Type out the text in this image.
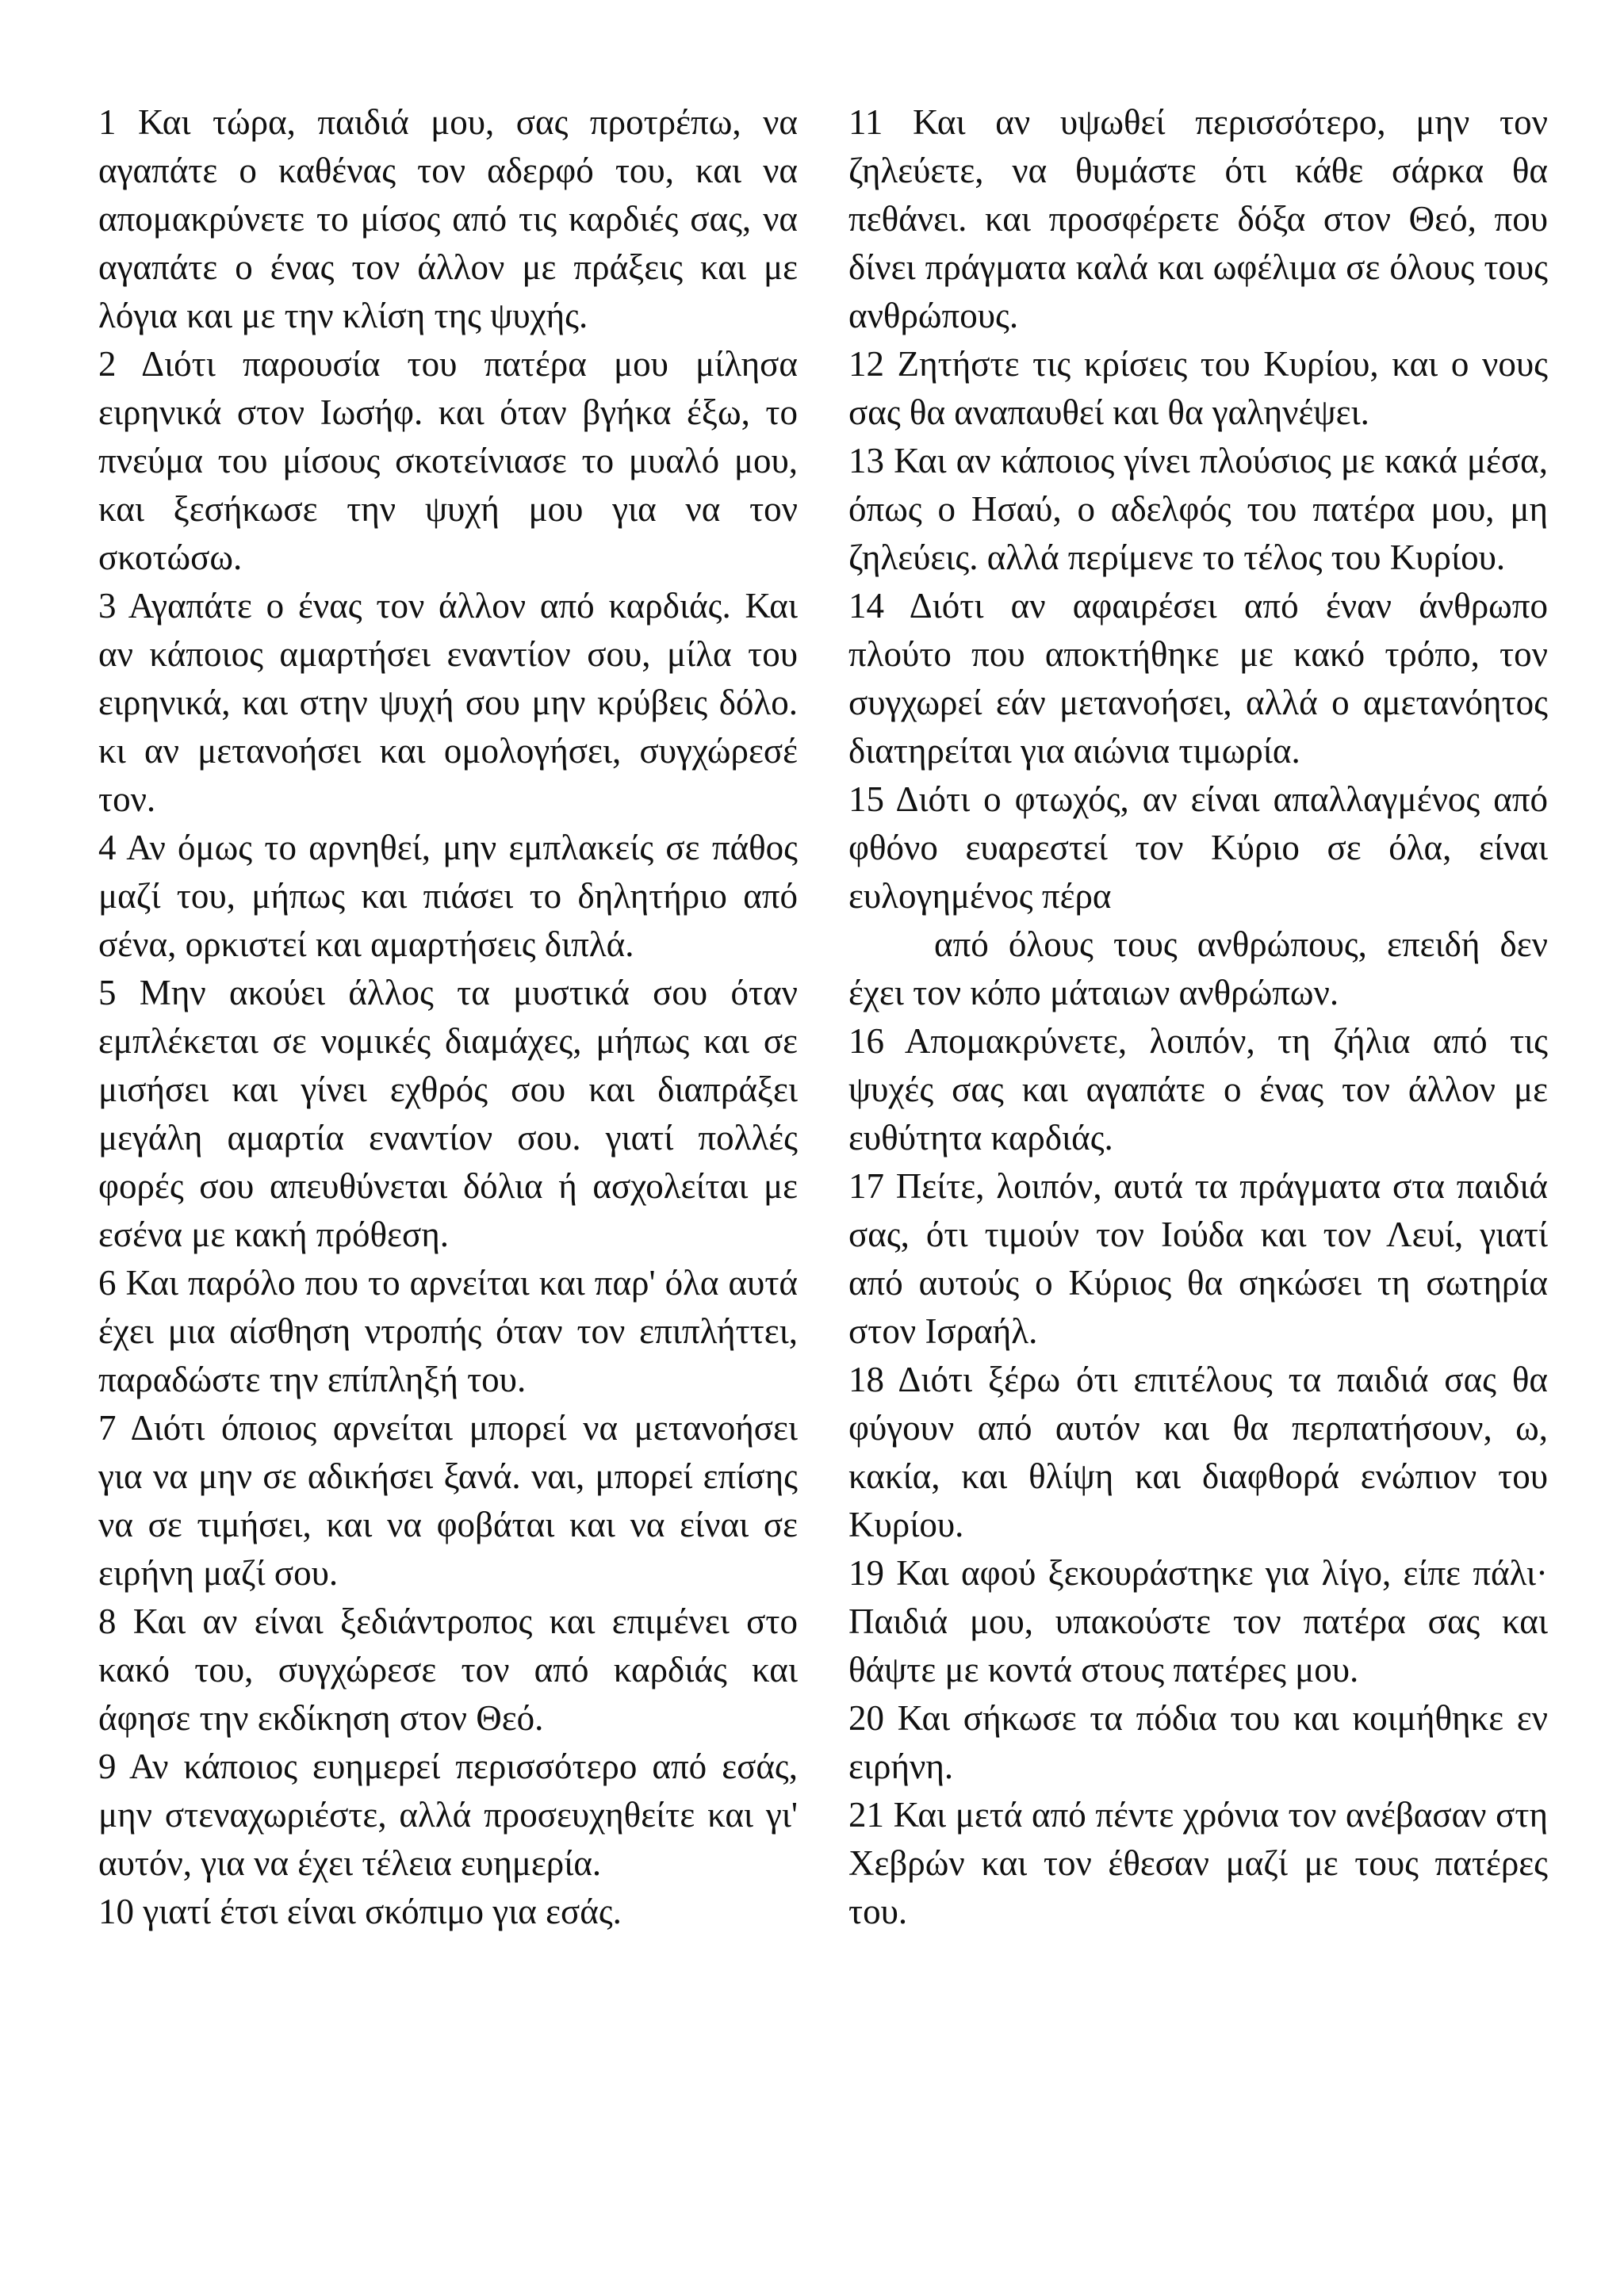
1 Και τώρα, παιδιά μου, σας προτρέπω, να αγαπάτε ο καθένας τον αδερφό του, και να απομακρύνετε το μίσος από τις καρδιές σας, να αγαπάτε ο ένας τον άλλον με πράξεις και με λόγια και με την κλίση της ψυχής.

2 Διότι παρουσία του πατέρα μου μίλησα ειρηνικά στον Ιωσήφ. και όταν βγήκα έξω, το πνεύμα του μίσους σκοτείνιασε το μυαλό μου, και ξεσήκωσε την ψυχή μου για να τον σκοτώσω.

3 Αγαπάτε ο ένας τον άλλον από καρδιάς. Και αν κάποιος αμαρτήσει εναντίον σου, μίλα του ειρηνικά, και στην ψυχή σου μην κρύβεις δόλο. κι αν μετανοήσει και ομολογήσει, συγχώρεσέ τον.

4 Αν όμως το αρνηθεί, μην εμπλακείς σε πάθος μαζί του, μήπως και πιάσει το δηλητήριο από σένα, ορκιστεί και αμαρτήσεις διπλά.

5 Μην ακούει άλλος τα μυστικά σου όταν εμπλέκεται σε νομικές διαμάχες, μήπως και σε μισήσει και γίνει εχθρός σου και διαπράξει μεγάλη αμαρτία εναντίον σου. γιατί πολλές φορές σου απευθύνεται δόλια ή ασχολείται με εσένα με κακή πρόθεση.

6 Και παρόλο που το αρνείται και παρ' όλα αυτά έχει μια αίσθηση ντροπής όταν τον επιπλήττει, παραδώστε την επίπληξή του.

7 Διότι όποιος αρνείται μπορεί να μετανοήσει για να μην σε αδικήσει ξανά. ναι, μπορεί επίσης να σε τιμήσει, και να φοβάται και να είναι σε ειρήνη μαζί σου.

8 Και αν είναι ξεδιάντροπος και επιμένει στο κακό του, συγχώρεσε τον από καρδιάς και άφησε την εκδίκηση στον Θεό.

9 Αν κάποιος ευημερεί περισσότερο από εσάς, μην στεναχωριέστε, αλλά προσευχηθείτε και γι' αυτόν, για να έχει τέλεια ευημερία.

10 γιατί έτσι είναι σκόπιμο για εσάς.

11 Και αν υψωθεί περισσότερο, μην τον ζηλεύετε, να θυμάστε ότι κάθε σάρκα θα πεθάνει. και προσφέρετε δόξα στον Θεό, που δίνει πράγματα καλά και ωφέλιμα σε όλους τους ανθρώπους.

12 Ζητήστε τις κρίσεις του Κυρίου, και ο νους σας θα αναπαυθεί και θα γαληνέψει.

13 Και αν κάποιος γίνει πλούσιος με κακά μέσα, όπως ο Ησαύ, ο αδελφός του πατέρα μου, μη ζηλεύεις. αλλά περίμενε το τέλος του Κυρίου.

14 Διότι αν αφαιρέσει από έναν άνθρωπο πλούτο που αποκτήθηκε με κακό τρόπο, τον συγχωρεί εάν μετανοήσει, αλλά ο αμετανόητος διατηρείται για αιώνια τιμωρία.

15 Διότι ο φτωχός, αν είναι απαλλαγμένος από φθόνο ευαρεστεί τον Κύριο σε όλα, είναι ευλογημένος πέρα
από όλους τους ανθρώπους, επειδή δεν έχει τον κόπο μάταιων ανθρώπων.

16 Απομακρύνετε, λοιπόν, τη ζήλια από τις ψυχές σας και αγαπάτε ο ένας τον άλλον με ευθύτητα καρδιάς.

17 Πείτε, λοιπόν, αυτά τα πράγματα στα παιδιά σας, ότι τιμούν τον Ιούδα και τον Λευί, γιατί από αυτούς ο Κύριος θα σηκώσει τη σωτηρία στον Ισραήλ.

18 Διότι ξέρω ότι επιτέλους τα παιδιά σας θα φύγουν από αυτόν και θα περπατήσουν, ω, κακία, και θλίψη και διαφθορά ενώπιον του Κυρίου.

19 Και αφού ξεκουράστηκε για λίγο, είπε πάλι· Παιδιά μου, υπακούστε τον πατέρα σας και θάψτε με κοντά στους πατέρες μου.

20 Και σήκωσε τα πόδια του και κοιμήθηκε εν ειρήνη.

21 Και μετά από πέντε χρόνια τον ανέβασαν στη Χεβρών και τον έθεσαν μαζί με τους πατέρες του.
